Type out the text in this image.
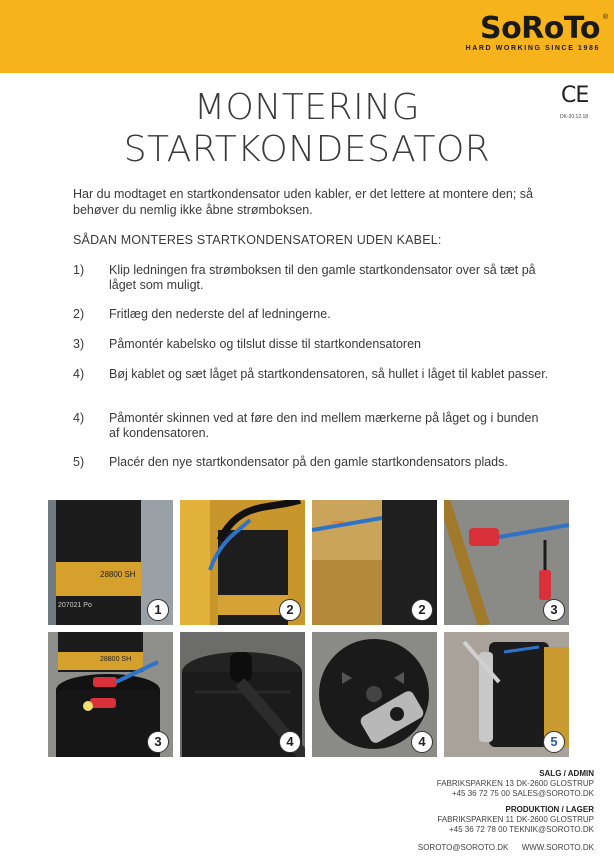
SoRoTo ®
HARD WORKING SINCE 1986
CE
DK-20.12.18
MONTERING
STARTKONDESATOR
Har du modtaget en startkondensator uden kabler, er det lettere at montere den; så behøver du nemlig ikke åbne strømboksen.
SÅDAN MONTERES STARTKONDENSATOREN UDEN KABEL:
1) Klip ledningen fra strømboksen til den gamle startkondensator over så tæt på låget som muligt.
2) Fritlæg den nederste del af ledningerne.
3) Påmontér kabelsko og tilslut disse til startkondensatoren
4) Bøj kablet og sæt låget på startkondensatoren, så hullet i låget til kablet passer.
4) Påmontér skinnen ved at føre den ind mellem mærkerne på låget og i bunden af kondensatoren.
5) Placér den nye startkondensator på den gamle startkondensators plads.
28800 SH
207021 Po	1	2	2	3
28800 SH
3	4	4	5
SALG / ADMIN
FABRIKSPARKEN 13 DK-2600 GLOSTRUP
+45 36 72 75 00 SALES@SOROTO.DK
PRODUKTION / LAGER
FABRIKSPARKEN 11 DK-2600 GLOSTRUP
+45 36 72 78 00 TEKNIK@SOROTO.DK
SOROTO@SOROTO.DK      WWW.SOROTO.DK
